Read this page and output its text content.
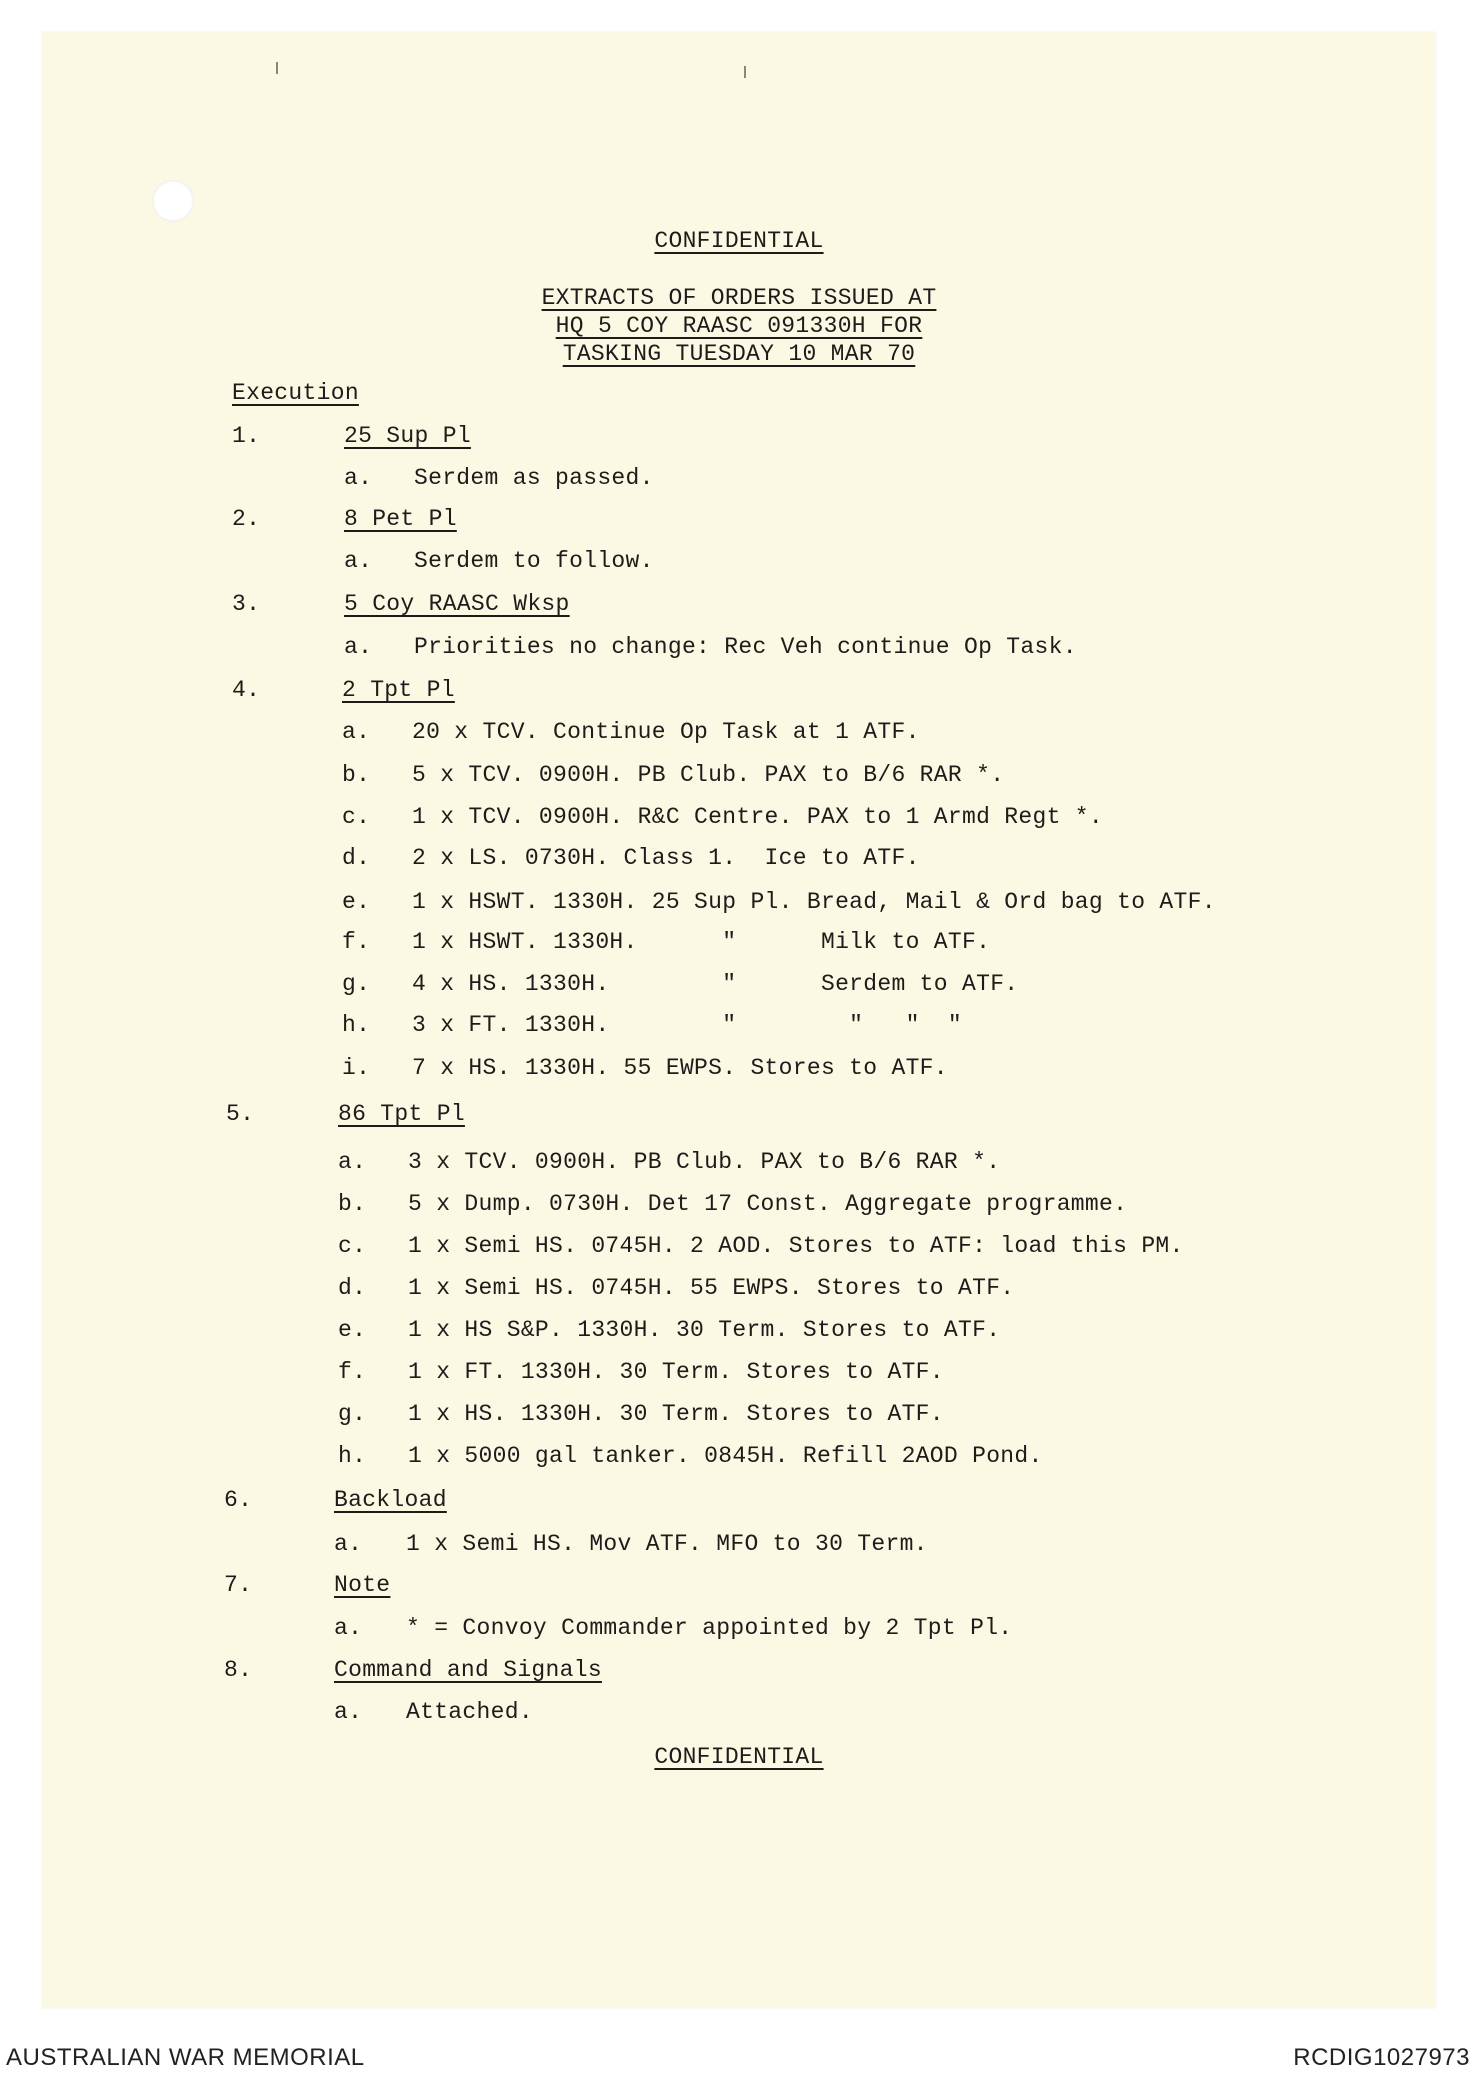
CONFIDENTIAL
EXTRACTS OF ORDERS ISSUED AT
HQ 5 COY RAASC 091330H FOR
TASKING TUESDAY 10 MAR 70
Execution
1.	25 Sup Pl
a. Serdem as passed.
2.	8 Pet Pl
a. Serdem to follow.
3.	5 Coy RAASC Wksp
a. Priorities no change: Rec Veh continue Op Task.
4.	2 Tpt Pl
a. 20 x TCV. Continue Op Task at 1 ATF.
b. 5 x TCV. 0900H. PB Club. PAX to B/6 RAR *.
c. 1 x TCV. 0900H. R&C Centre. PAX to 1 Armd Regt *.
d. 2 x LS. 0730H. Class 1.  Ice to ATF.
e. 1 x HSWT. 1330H. 25 Sup Pl. Bread, Mail & Ord bag to ATF.
f. 1 x HSWT. 1330H.      "      Milk to ATF.
g. 4 x HS. 1330H.        "      Serdem to ATF.
h. 3 x FT. 1330H.        "        "   "  "
i. 7 x HS. 1330H. 55 EWPS. Stores to ATF.
5.	86 Tpt Pl
a. 3 x TCV. 0900H. PB Club. PAX to B/6 RAR *.
b. 5 x Dump. 0730H. Det 17 Const. Aggregate programme.
c. 1 x Semi HS. 0745H. 2 AOD. Stores to ATF: load this PM.
d. 1 x Semi HS. 0745H. 55 EWPS. Stores to ATF.
e. 1 x HS S&P. 1330H. 30 Term. Stores to ATF.
f. 1 x FT. 1330H. 30 Term. Stores to ATF.
g. 1 x HS. 1330H. 30 Term. Stores to ATF.
h. 1 x 5000 gal tanker. 0845H. Refill 2AOD Pond.
6.	Backload
a. 1 x Semi HS. Mov ATF. MFO to 30 Term.
7.	Note
a. * = Convoy Commander appointed by 2 Tpt Pl.
8.	Command and Signals
a. Attached.
CONFIDENTIAL
AUSTRALIAN WAR MEMORIAL	RCDIG1027973
